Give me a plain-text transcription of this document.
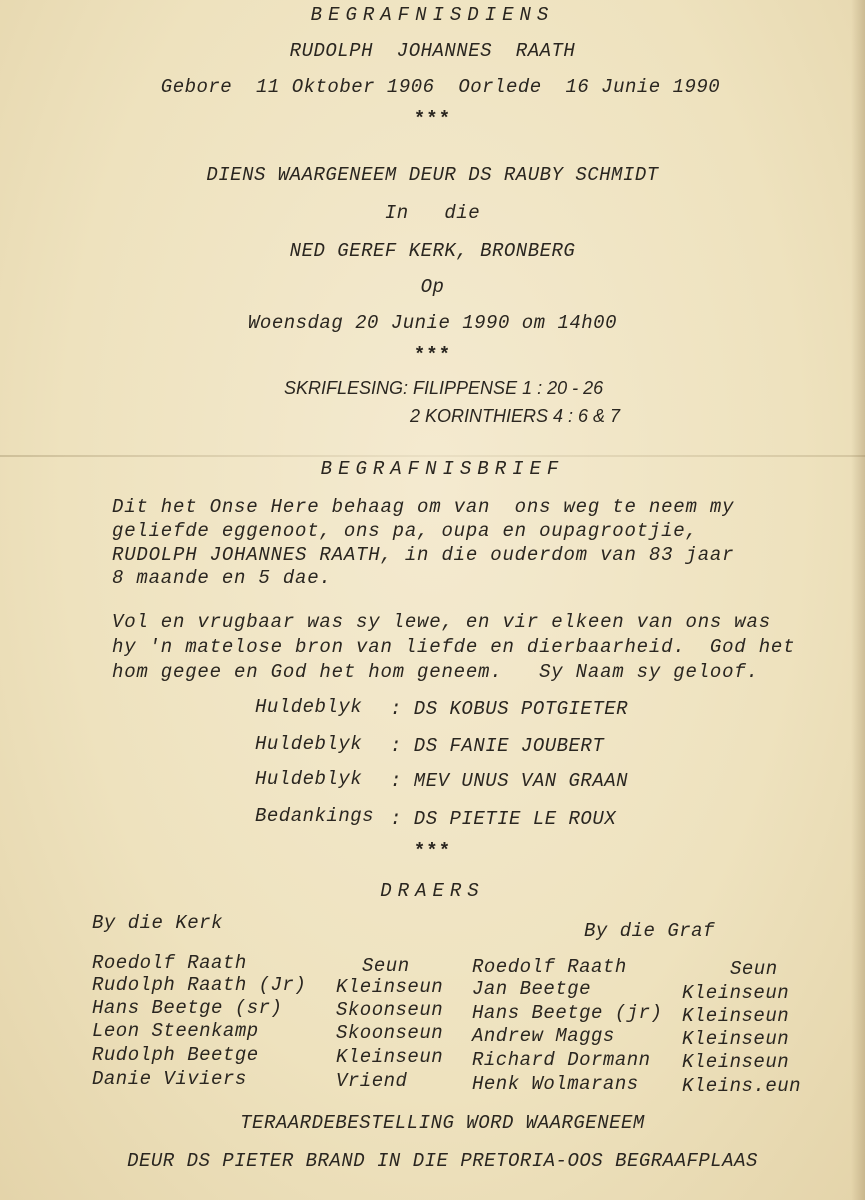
BEGRAFNISDIENS
RUDOLPH  JOHANNES  RAATH
Gebore  11 Oktober 1906  Oorlede  16 Junie 1990
***
DIENS WAARGENEEM DEUR DS RAUBY SCHMIDT
In   die
NED GEREF KERK, BRONBERG
Op
Woensdag 20 Junie 1990 om 14h00
***
SKRIFLESING: FILIPPENSE 1 : 20 - 26
2 KORINTHIERS 4 : 6 & 7
BEGRAFNISBRIEF
Dit het Onse Here behaag om van  ons weg te neem my
geliefde eggenoot, ons pa, oupa en oupagrootjie,
RUDOLPH JOHANNES RAATH, in die ouderdom van 83 jaar
8 maande en 5 dae.
Vol en vrugbaar was sy lewe, en vir elkeen van ons was
hy 'n matelose bron van liefde en dierbaarheid.  God het
hom gegee en God het hom geneem.   Sy Naam sy geloof.
Huldeblyk : DS KOBUS POTGIETER
Huldeblyk : DS FANIE JOUBERT
Huldeblyk : MEV UNUS VAN GRAAN
Bedankings : DS PIETIE LE ROUX
***
DRAERS
By die Kerk	By die Graf
Roedolf Raath	Seun
Rudolph Raath (Jr) Kleinseun
Hans Beetge (sr)	Skoonseun
Leon Steenkamp	Skoonseun
Rudolph Beetge	Kleinseun
Danie Viviers	Vriend
Roedolf Raath	Seun
Jan Beetge	Kleinseun
Hans Beetge (jr) Kleinseun
Andrew Maggs	Kleinseun
Richard Dormann Kleinseun
Henk Wolmarans Kleins.eun
TERAARDEBESTELLING WORD WAARGENEEM
DEUR DS PIETER BRAND IN DIE PRETORIA-OOS BEGRAAFPLAAS
